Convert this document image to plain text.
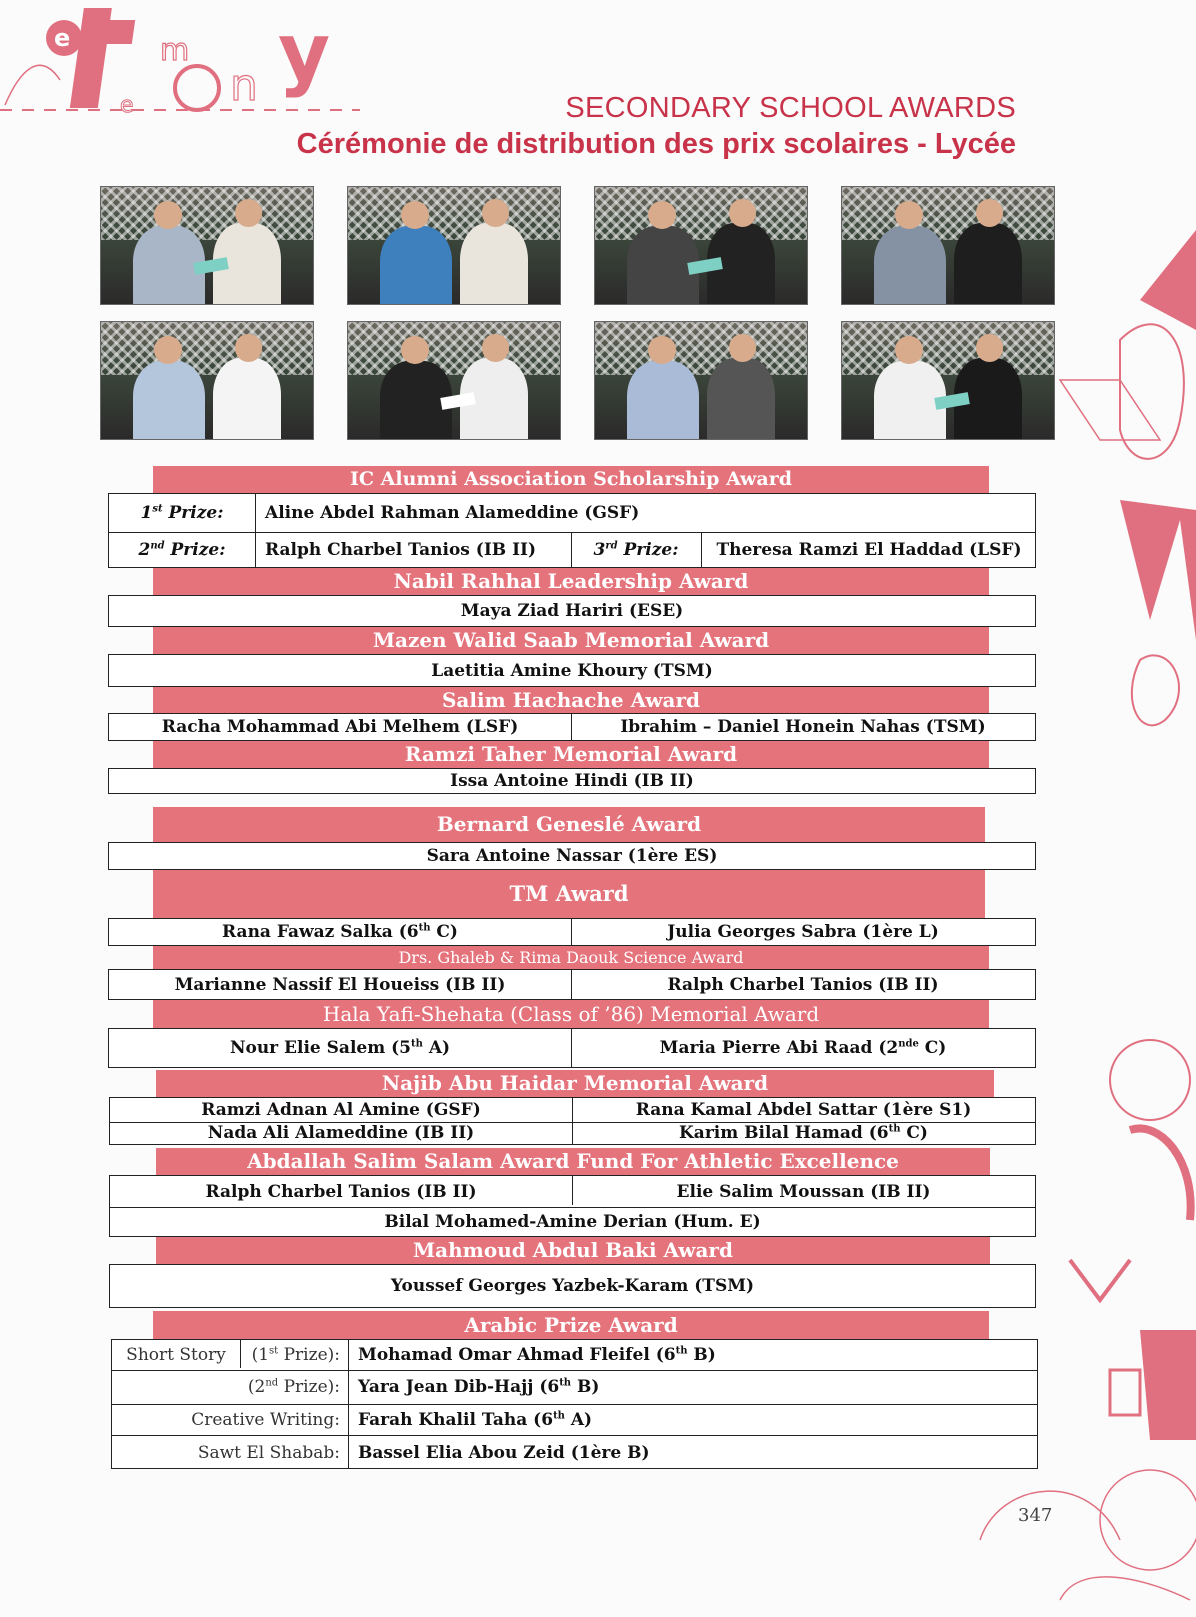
e	m
n y
e	SECONDARY SCHOOL AWARDS
Cérémonie de distribution des prix scolaires - Lycée
IC Alumni Association Scholarship Award
1st Prize: Aline Abdel Rahman Alameddine (GSF)
2nd Prize: Ralph Charbel Tanios (IB II)	3rd Prize:	Theresa Ramzi El Haddad (LSF)
Nabil Rahhal Leadership Award
Maya Ziad Hariri (ESE)
Mazen Walid Saab Memorial Award
Laetitia Amine Khoury (TSM)
Salim Hachache Award
Racha Mohammad Abi Melhem (LSF)	Ibrahim – Daniel Honein Nahas (TSM)
Ramzi Taher Memorial Award
Issa Antoine Hindi (IB II)
Bernard Geneslé Award
Sara Antoine Nassar (1ère ES)
TM Award
Rana Fawaz Salka (6th C)	Julia Georges Sabra (1ère L)
Drs. Ghaleb & Rima Daouk Science Award
Marianne Nassif El Houeiss (IB II)	Ralph Charbel Tanios (IB II)
Hala Yafi-Shehata (Class of ’86) Memorial Award
Nour Elie Salem (5th A)	Maria Pierre Abi Raad (2nde C)
Najib Abu Haidar Memorial Award
Ramzi Adnan Al Amine (GSF)	Rana Kamal Abdel Sattar (1ère S1)
Nada Ali Alameddine (IB II)	Karim Bilal Hamad (6th C)
Abdallah Salim Salam Award Fund For Athletic Excellence
Ralph Charbel Tanios (IB II)	Elie Salim Moussan (IB II)
Bilal Mohamed-Amine Derian (Hum. E)
Mahmoud Abdul Baki Award
Youssef Georges Yazbek-Karam (TSM)
Arabic Prize Award
Short Story	(1st Prize): Mohamad Omar Ahmad Fleifel (6th B)
(2nd Prize): Yara Jean Dib-Hajj (6th B)
Creative Writing: Farah Khalil Taha (6th A)
Sawt El Shabab: Bassel Elia Abou Zeid (1ère B)
347
